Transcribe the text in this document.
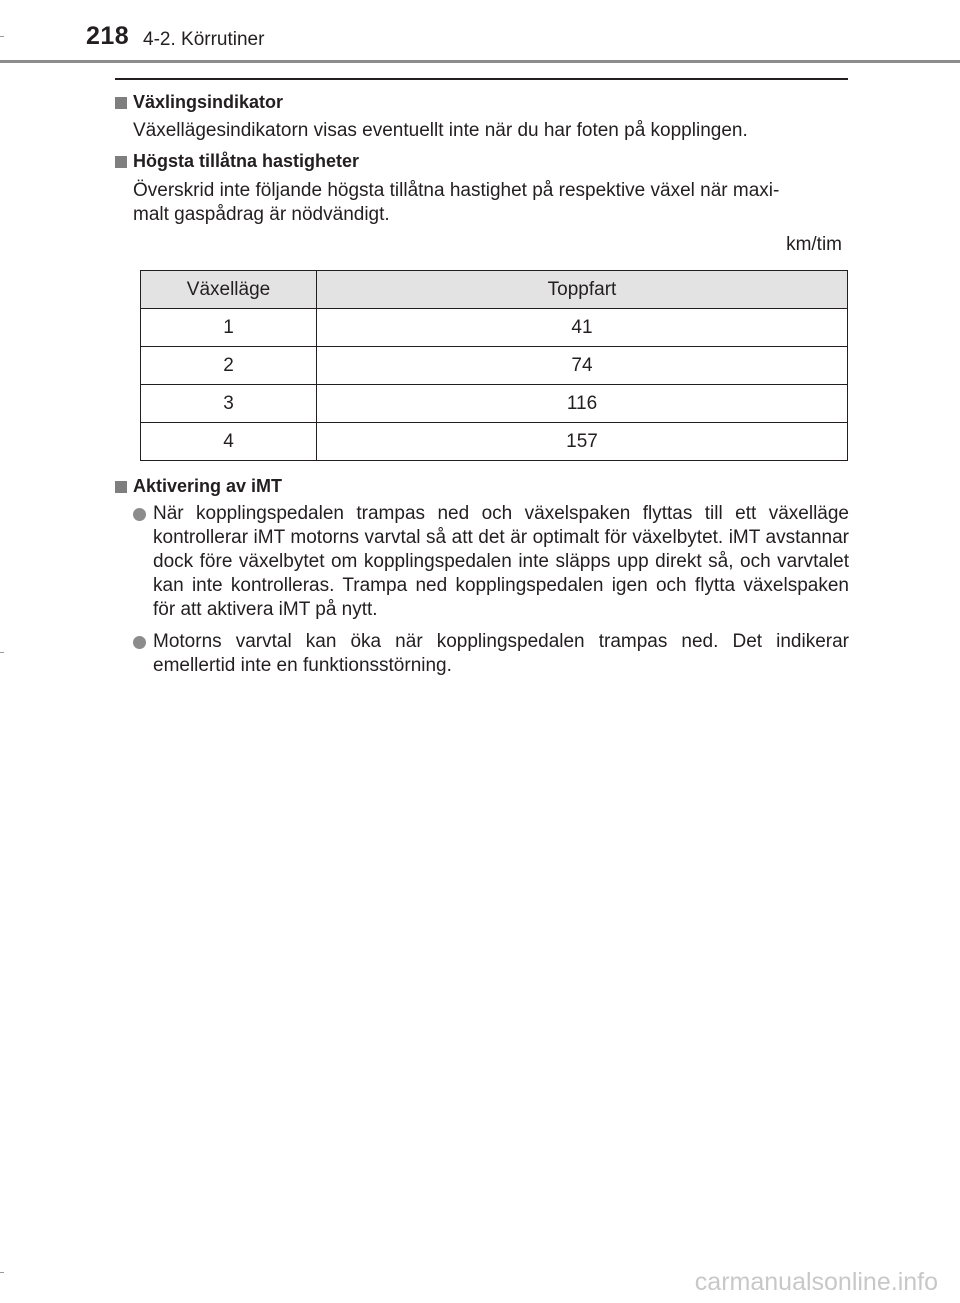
218 4-2. Körrutiner
Växlingsindikator
Växellägesindikatorn visas eventuellt inte när du har foten på kopplingen.
Högsta tillåtna hastigheter
Överskrid inte följande högsta tillåtna hastighet på respektive växel när maxi-
malt gaspådrag är nödvändigt.
km/tim
Växelläge	Toppfart
1	41
2	74
3	116
4	157
Aktivering av iMT
När kopplingspedalen trampas ned och växelspaken flyttas till ett växelläge kontrollerar iMT motorns varvtal så att det är optimalt för växelbytet. iMT avstannar dock före växelbytet om kopplingspedalen inte släpps upp direkt så, och varvtalet kan inte kontrolleras. Trampa ned kopplingspedalen igen och flytta växelspaken för att aktivera iMT på nytt.
Motorns varvtal kan öka när kopplingspedalen trampas ned. Det indikerar emellertid inte en funktionsstörning.
carmanualsonline.info
